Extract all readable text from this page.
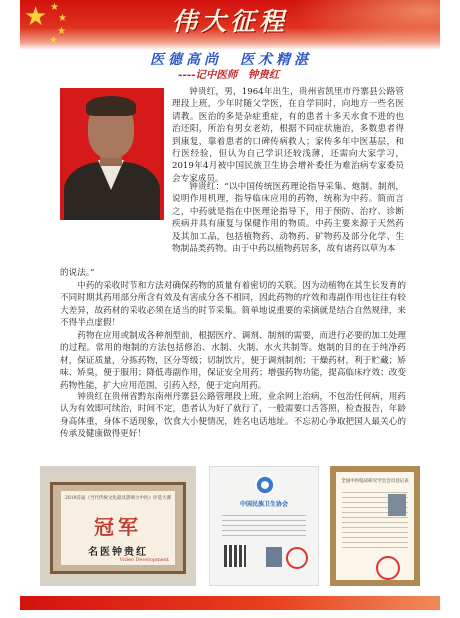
★ ★
★
★
★
伟大征程
医德高尚　医术精湛
----记中医师　钟贵红

钟贵红，男，1964年出生，贵州省凯里市丹寨县公路管理段上班，少年时随父学医，在自学同时，向地方一些名医请教。医治的多是杂症重症，有的患者十多天水食不进的也治还阳，所治有男女老幼，根据不同症状施治，多数患者得到康复，靠着患者的口碑传病救人；家传多年中医基层，和行医经验，但认为自己学识还较浅薄，还需向大家学习，2019年4月被中国民族卫生协会增补委任为难治病专家委员会专家成员。

钟贵红：“以中国传统医药理论指导采集、炮制、制剂，说明作用机理，指导临床应用的药物，统称为中药。简而言之，中药就是指在中医理论指导下，用于预防、治疗、诊断疾病并具有康复与保健作用的物质。中药主要来源于天然药及其加工品，包括植物药、动物药、矿物药及部分化学、生物制品类药物。由于中药以植物药居多，故有诸药以草为本

的说法。”

中药的采收时节和方法对确保药物的质量有着密切的关联。因为动植物在其生长发育的不同时期其药用部分所含有效及有害成分各不相同，因此药物的疗效和毒副作用也往往有较大差异，故药材的采收必须在适当的时节采集。简单地说重要的采摘就是结合自然规律，来不得半点虚假！

药物在应用或制成各种剂型前，根据医疗、调剂、制剂的需要，而进行必要的加工处理的过程。常用的炮制的方法包括修治、水制、火制、水火共制等。炮制的目的在于纯净药材，保证质量，分拣药物，区分等级；切制饮片，便于调剂制剂；干燥药材，利于贮藏；矫味、矫臭，便于服用；降低毒副作用，保证安全用药；增强药物功能，提高临床疗效；改变药物性能，扩大应用范围，引药入经，便于定向用药。

钟贵红在贵州省黔东南州丹寨县公路管理段上班，业余网上治病，不包治任何病，用药认为有效即可续治，时间不定，患者认为好了就行了，一般需要口舌答照，检查报告，年龄身高体重，身体不适现象，饮食大小便情况，姓名电话地址。不忘初心争取把国人最关心的传承及健康做得更好！

2019首届《当代传统文化最具影响力中医》评选大赛
冠军
名医钟贵红
Video Development
中国民族卫生协会
全国中医临床研究学会会员登记表
